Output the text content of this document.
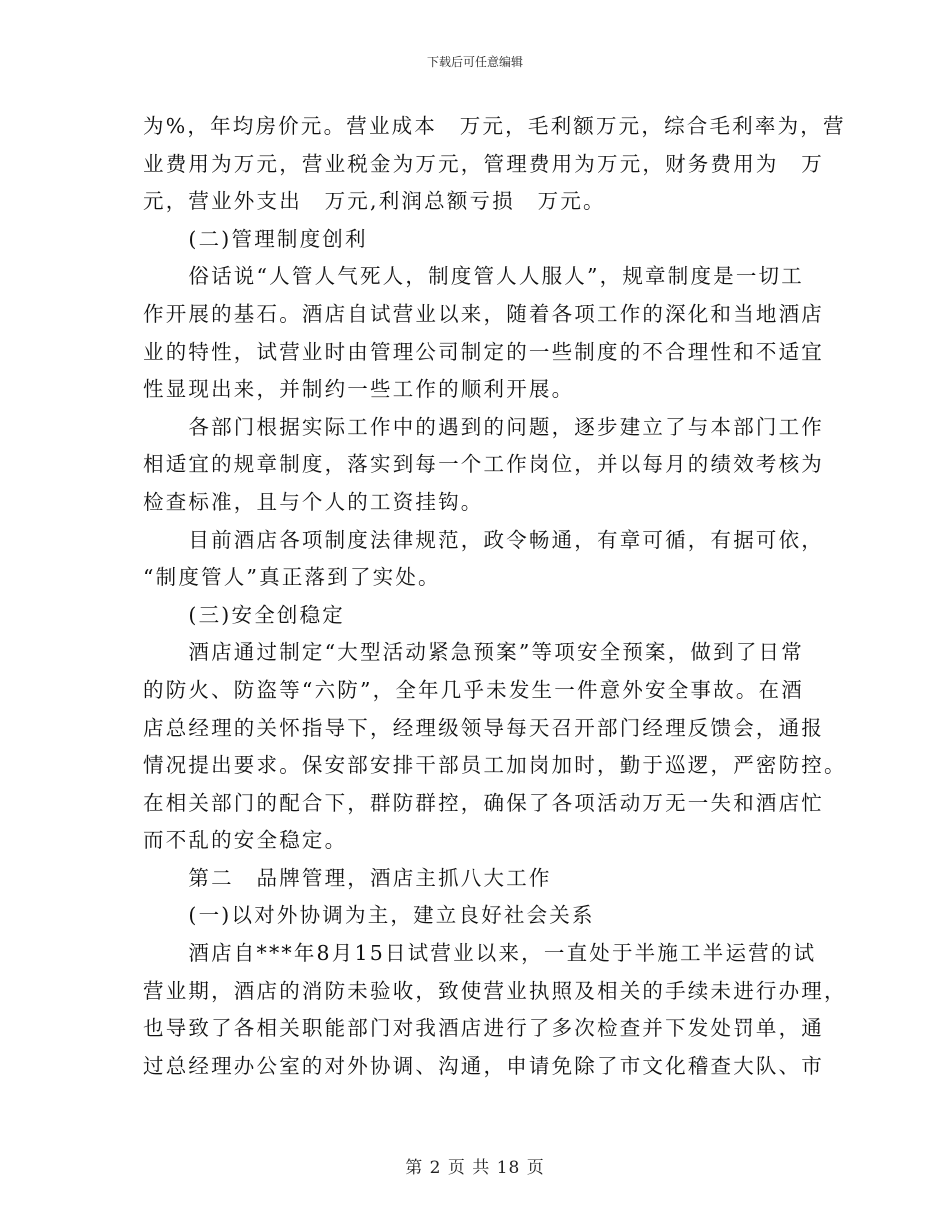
下载后可任意编辑
为%，年均房价元。营业成本　万元，毛利额万元，综合毛利率为，营
业费用为万元，营业税金为万元，管理费用为万元，财务费用为　万
元，营业外支出　万元,利润总额亏损　万元。
　　(二)管理制度创利
　　俗话说“人管人气死人，制度管人人服人”，规章制度是一切工
作开展的基石。酒店自试营业以来，随着各项工作的深化和当地酒店
业的特性，试营业时由管理公司制定的一些制度的不合理性和不适宜
性显现出来，并制约一些工作的顺利开展。
　　各部门根据实际工作中的遇到的问题，逐步建立了与本部门工作
相适宜的规章制度，落实到每一个工作岗位，并以每月的绩效考核为
检查标准，且与个人的工资挂钩。
　　目前酒店各项制度法律规范，政令畅通，有章可循，有据可依，
“制度管人”真正落到了实处。
　　(三)安全创稳定
　　酒店通过制定“大型活动紧急预案”等项安全预案，做到了日常
的防火、防盗等“六防”，全年几乎未发生一件意外安全事故。在酒
店总经理的关怀指导下，经理级领导每天召开部门经理反馈会，通报
情况提出要求。保安部安排干部员工加岗加时，勤于巡逻，严密防控。
在相关部门的配合下，群防群控，确保了各项活动万无一失和酒店忙
而不乱的安全稳定。
　　第二　品牌管理，酒店主抓八大工作
　　(一)以对外协调为主，建立良好社会关系
　　酒店自***年8月15日试营业以来，一直处于半施工半运营的试
营业期，酒店的消防未验收，致使营业执照及相关的手续未进行办理，
也导致了各相关职能部门对我酒店进行了多次检查并下发处罚单，通
过总经理办公室的对外协调、沟通，申请免除了市文化稽查大队、市
第 2 页 共 18 页
